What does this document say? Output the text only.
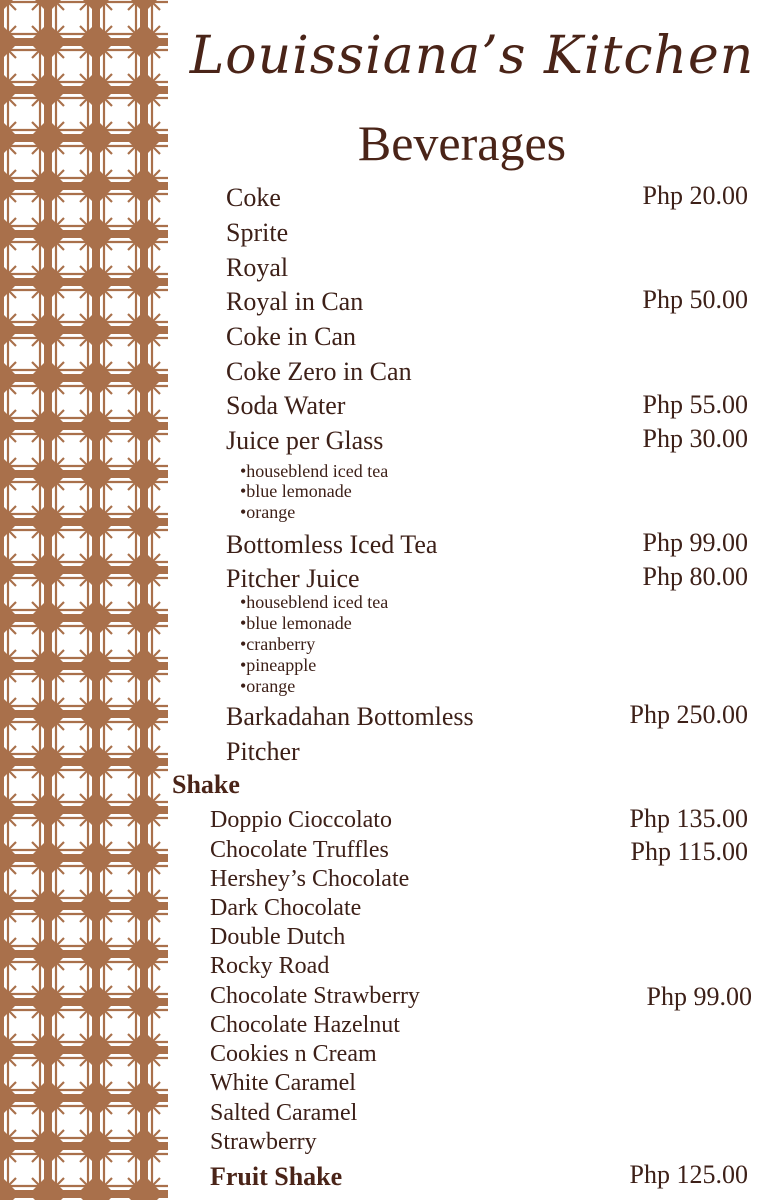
Louissiana’s Kitchen
Beverages
Coke	Php 20.00
Sprite
Royal
Royal in Can	Php 50.00
Coke in Can
Coke Zero in Can
Soda Water	Php 55.00
Juice per Glass	Php 30.00
•houseblend iced tea
•blue lemonade
•orange
Bottomless Iced Tea	Php 99.00
Pitcher Juice	Php 80.00
•houseblend iced tea
•blue lemonade
•cranberry
•pineapple
•orange
Barkadahan Bottomless	Php 250.00
Pitcher
Shake
Doppio Cioccolato	Php 135.00
Chocolate Truffles	Php 115.00
Hershey’s Chocolate
Dark Chocolate
Double Dutch
Rocky Road
Chocolate Strawberry	Php 99.00
Chocolate Hazelnut
Cookies n Cream
White Caramel
Salted Caramel
Strawberry
Fruit Shake	Php 125.00
